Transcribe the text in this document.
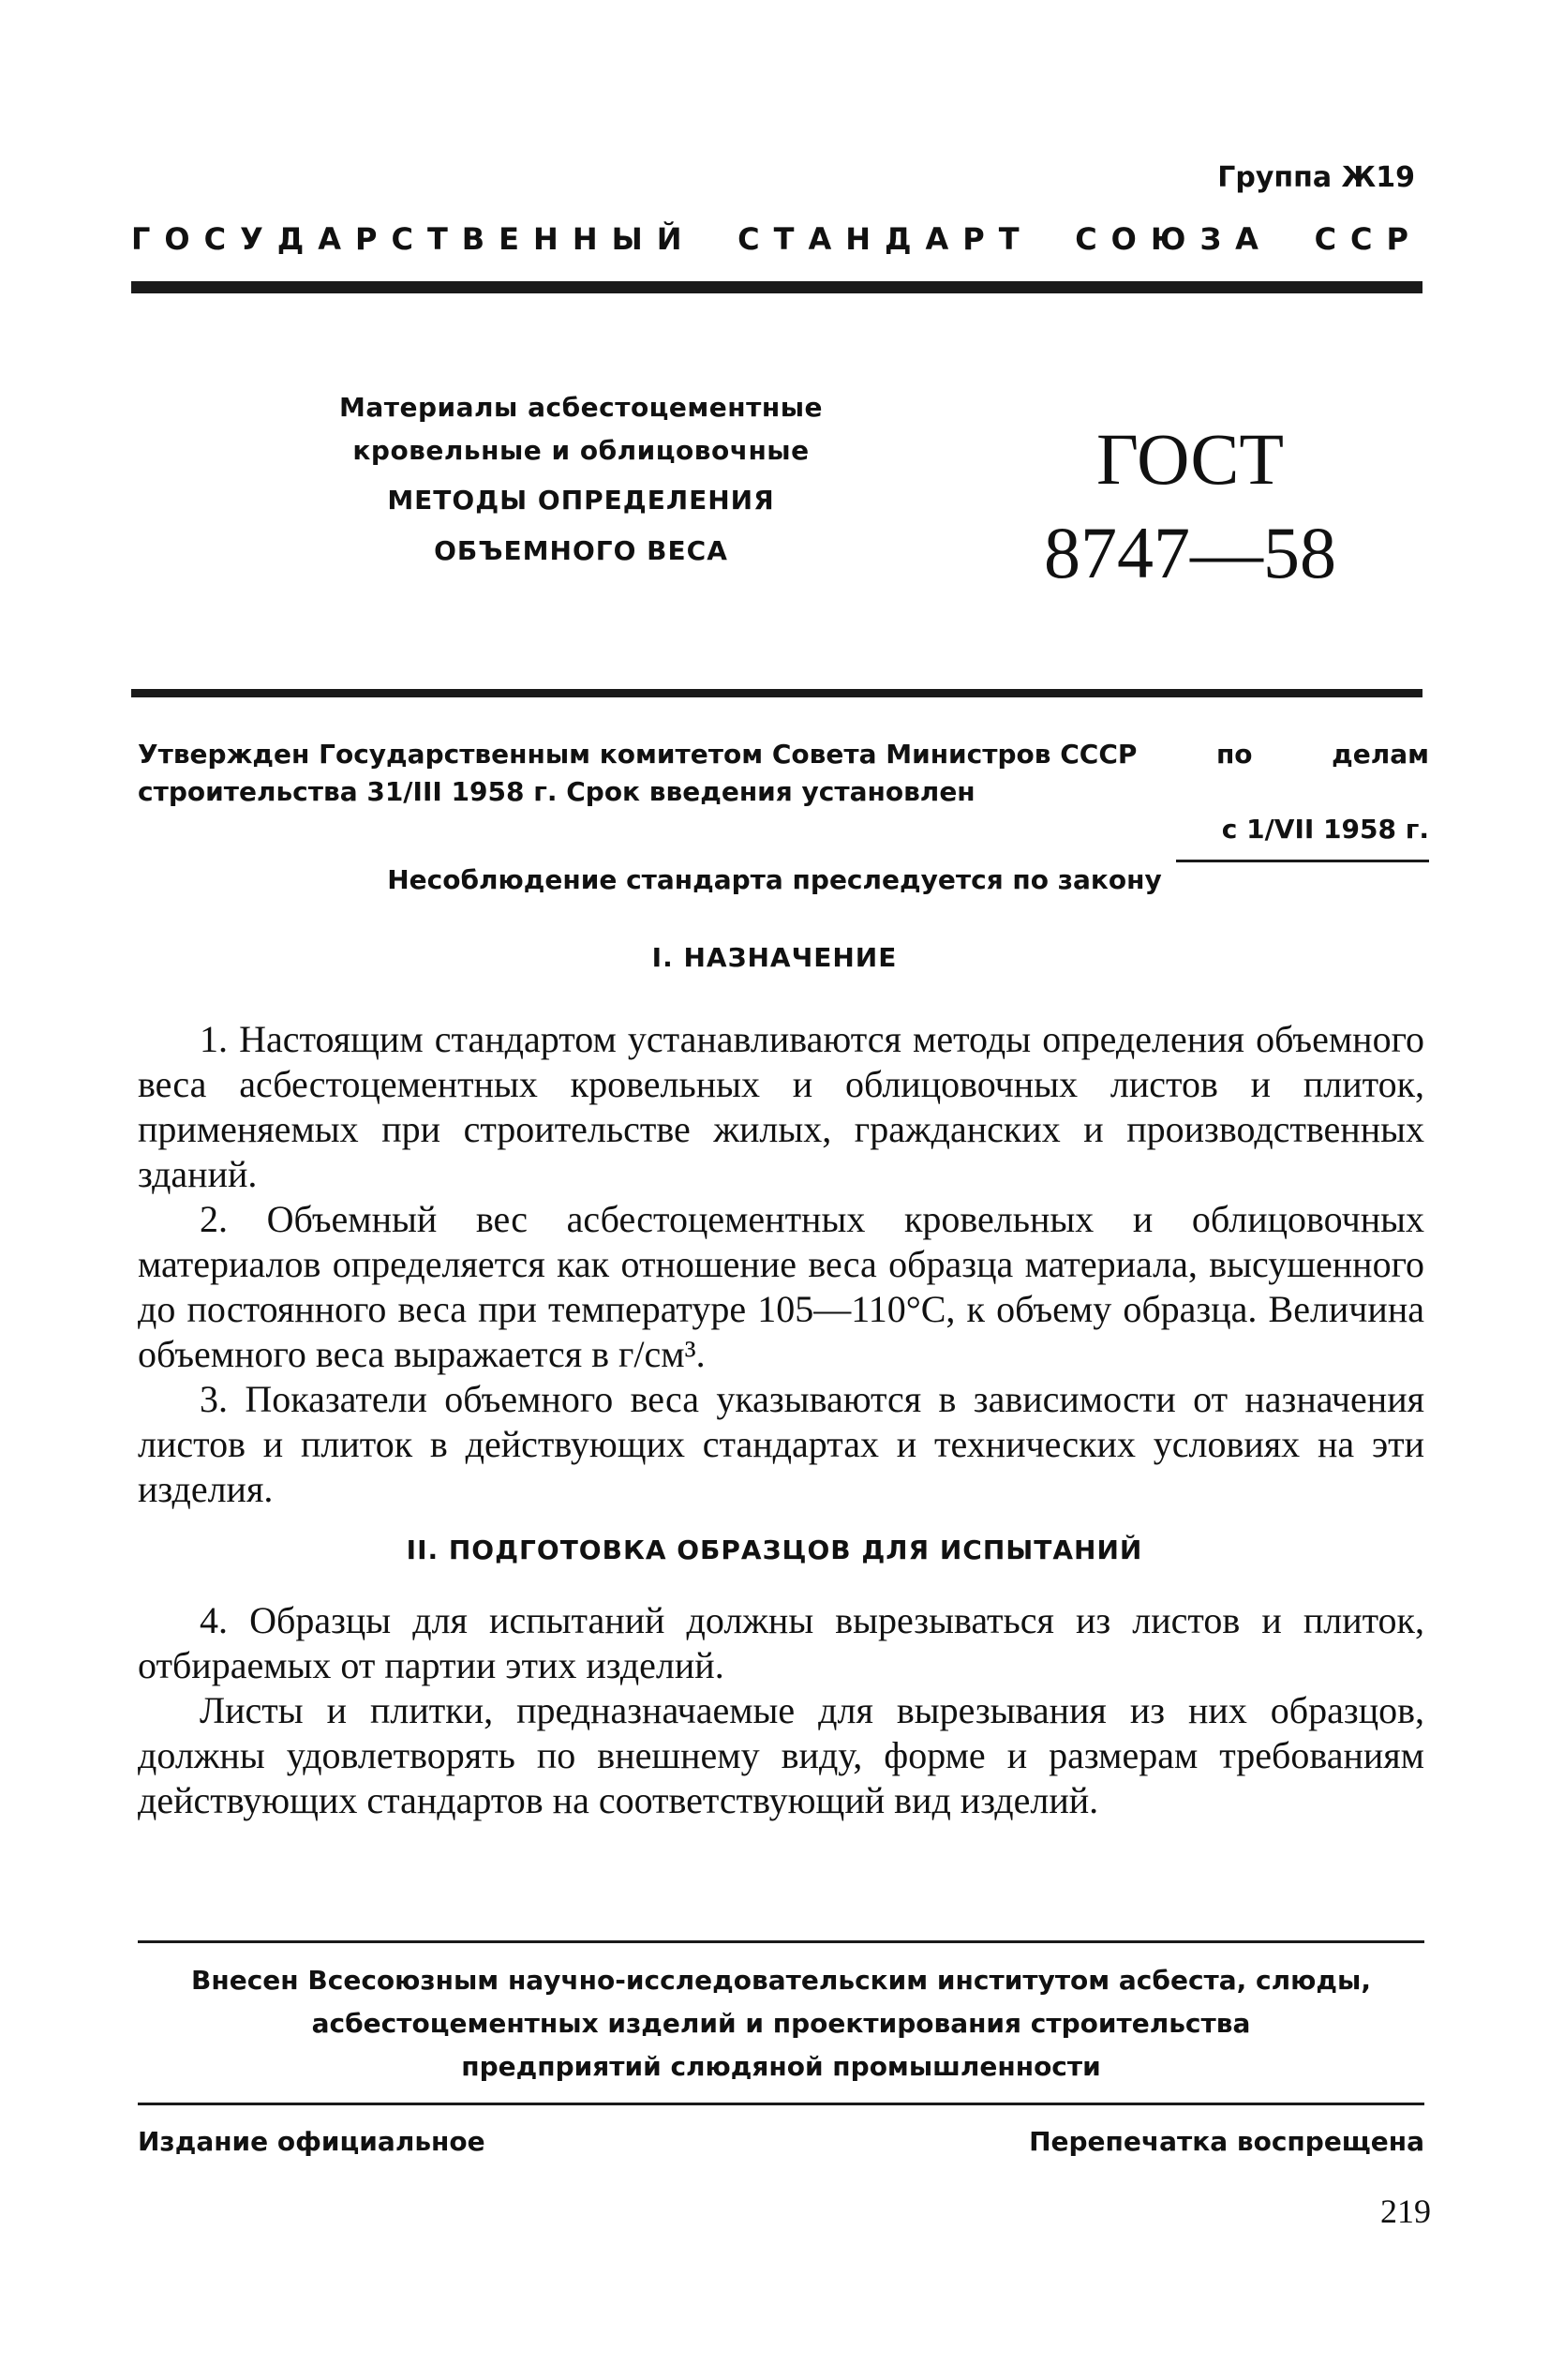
Группа Ж19
ГОСУДАРСТВЕННЫЙ СТАНДАРТ СОЮЗА ССР
Материалы асбестоцементные
кровельные и облицовочные
МЕТОДЫ ОПРЕДЕЛЕНИЯ
ОБЪЕМНОГО ВЕСА
ГОСТ
8747—58
Утвержден Государственным комитетом Совета Министров СССР	по	делам
строительства 31/III 1958 г. Срок введения установлен
с 1/VII 1958 г.
Несоблюдение стандарта преследуется по закону
I. НАЗНАЧЕНИЕ

1. Настоящим стандартом устанавливаются методы определения объемного веса асбестоцементных кровельных и облицовочных листов и плиток, применяемых при строительстве жилых, гражданских и производственных зданий.

2. Объемный вес асбестоцементных кровельных и облицовочных материалов определяется как отношение веса образца материала, высушенного до постоянного веса при температуре 105—110°С, к объему образца. Величина объемного веса выражается в г/см³.

3. Показатели объемного веса указываются в зависимости от назначения листов и плиток в действующих стандартах и технических условиях на эти изделия.

II. ПОДГОТОВКА ОБРАЗЦОВ ДЛЯ ИСПЫТАНИЙ

4. Образцы для испытаний должны вырезываться из листов и плиток, отбираемых от партии этих изделий.

Листы и плитки, предназначаемые для вырезывания из них образцов, должны удовлетворять по внешнему виду, форме и размерам требованиям действующих стандартов на соответствующий вид изделий.

Внесен Всесоюзным научно-исследовательским институтом асбеста, слюды,
асбестоцементных изделий и проектирования строительства
предприятий слюдяной промышленности
Издание официальное	Перепечатка воспрещена
219
